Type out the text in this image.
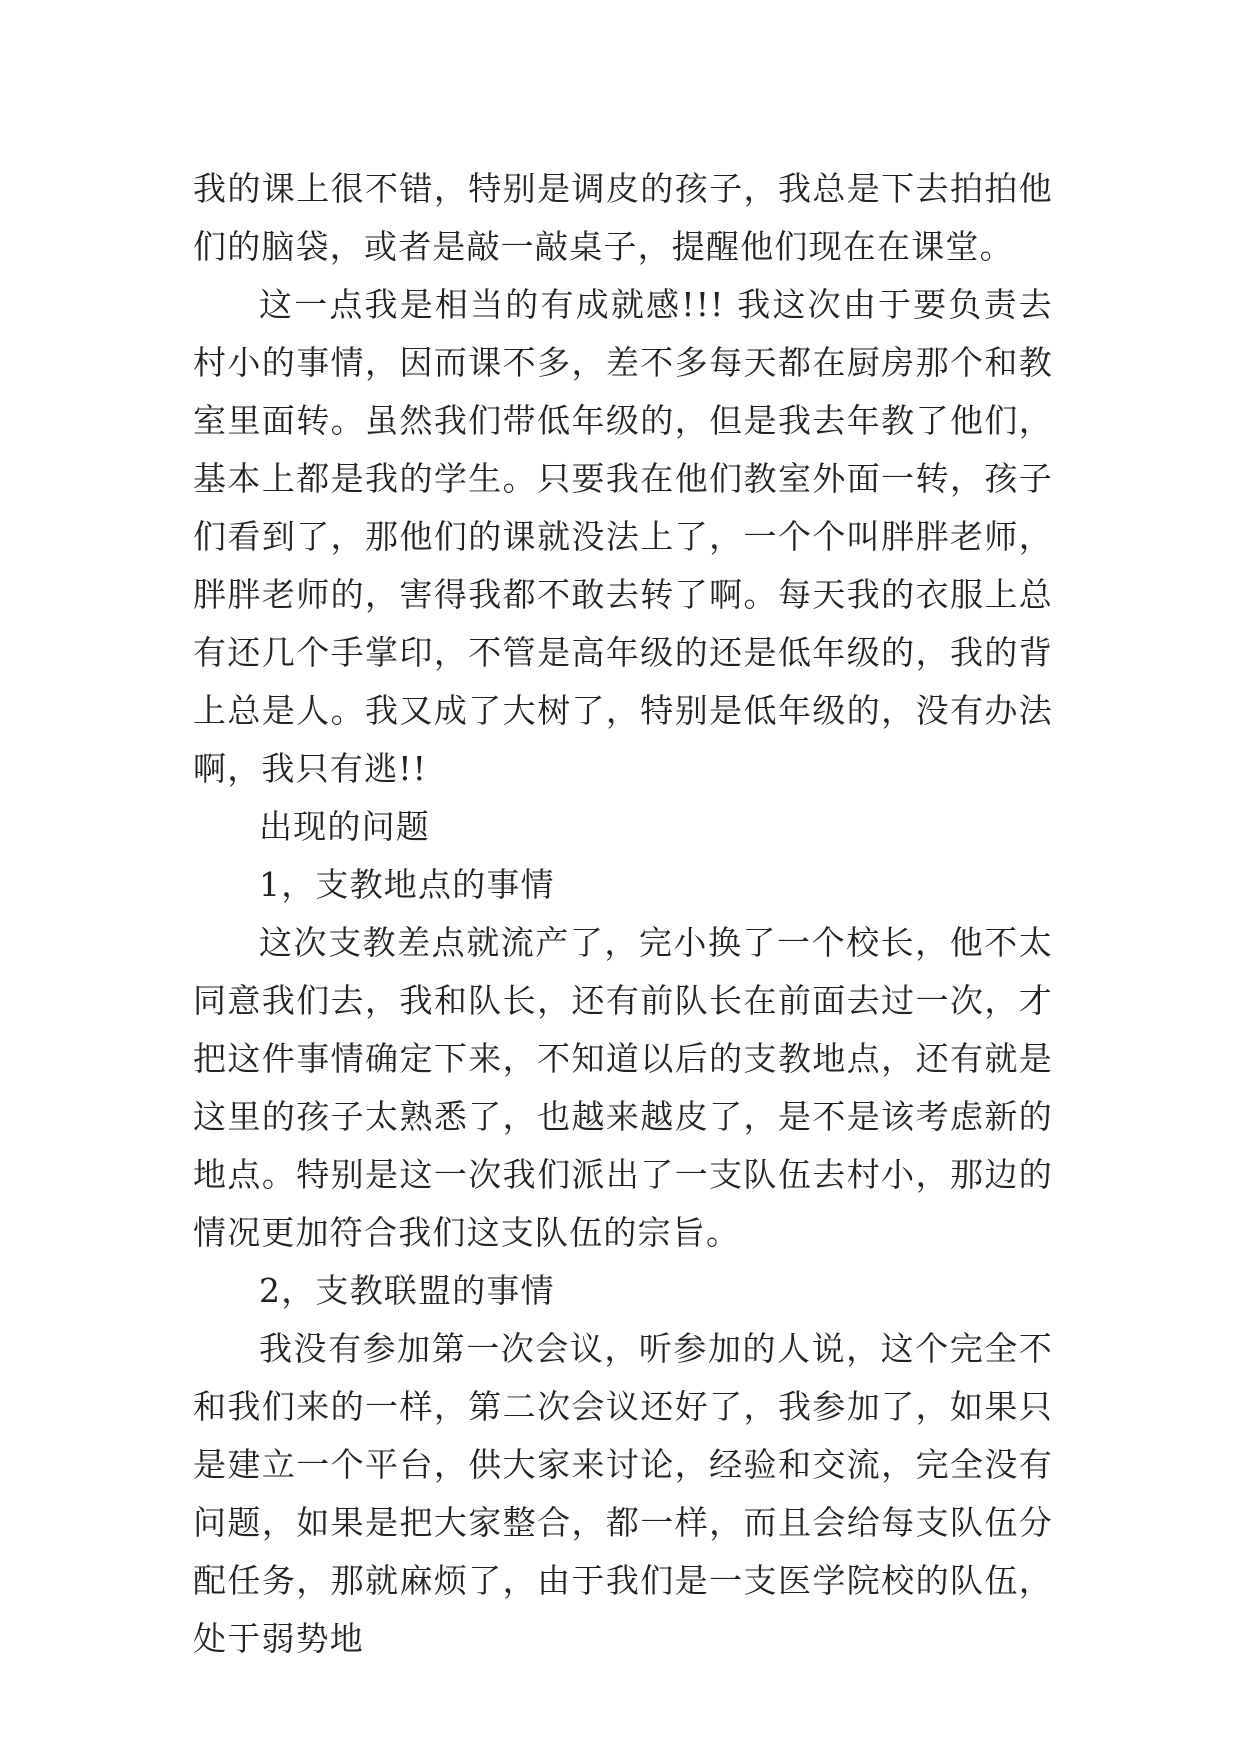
我的课上很不错，特别是调皮的孩子，我总是下去拍拍他们的脑袋，或者是敲一敲桌子，提醒他们现在在课堂。

这一点我是相当的有成就感!!! 我这次由于要负责去村小的事情，因而课不多，差不多每天都在厨房那个和教室里面转。虽然我们带低年级的，但是我去年教了他们，基本上都是我的学生。只要我在他们教室外面一转，孩子们看到了，那他们的课就没法上了，一个个叫胖胖老师，胖胖老师的，害得我都不敢去转了啊。每天我的衣服上总有还几个手掌印，不管是高年级的还是低年级的，我的背上总是人。我又成了大树了，特别是低年级的，没有办法啊，我只有逃!!

出现的问题

1，支教地点的事情

这次支教差点就流产了，完小换了一个校长，他不太同意我们去，我和队长，还有前队长在前面去过一次，才把这件事情确定下来，不知道以后的支教地点，还有就是这里的孩子太熟悉了，也越来越皮了，是不是该考虑新的地点。特别是这一次我们派出了一支队伍去村小，那边的情况更加符合我们这支队伍的宗旨。

2，支教联盟的事情

我没有参加第一次会议，听参加的人说，这个完全不和我们来的一样，第二次会议还好了，我参加了，如果只是建立一个平台，供大家来讨论，经验和交流，完全没有问题，如果是把大家整合，都一样，而且会给每支队伍分配任务，那就麻烦了，由于我们是一支医学院校的队伍，处于弱势地
